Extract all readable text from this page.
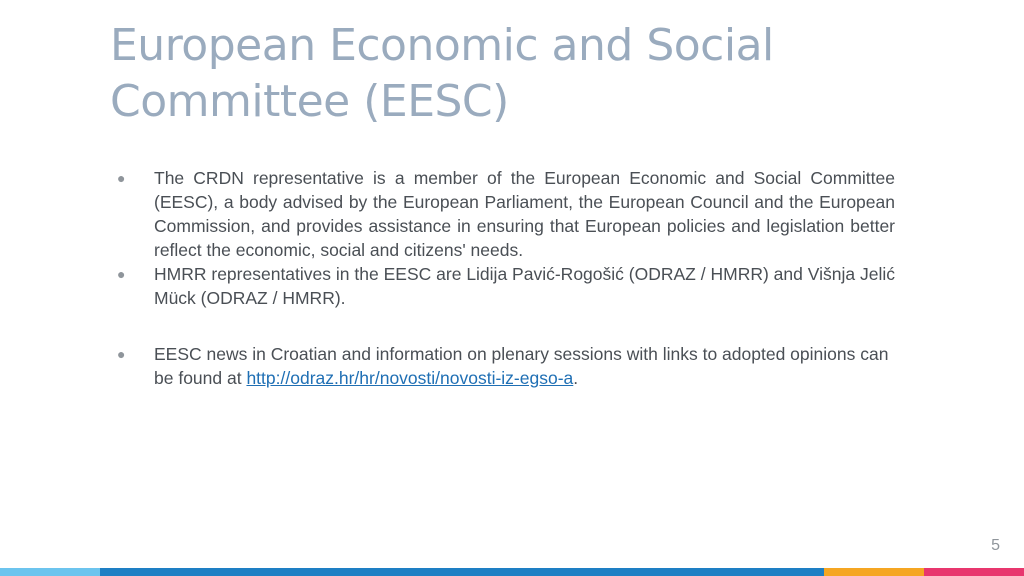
European Economic and Social Committee (EESC)
● The CRDN representative is a member of the European Economic and Social Committee (EESC), a body advised by the European Parliament, the European Council and the European Commission, and provides assistance in ensuring that European policies and legislation better reflect the economic, social and citizens' needs.
● HMRR representatives in the EESC are Lidija Pavić-Rogošić (ODRAZ / HMRR) and Višnja Jelić Mück (ODRAZ / HMRR).
● EESC news in Croatian and information on plenary sessions with links to adopted opinions can be found at http://odraz.hr/hr/novosti/novosti-iz-egso-a.
5
